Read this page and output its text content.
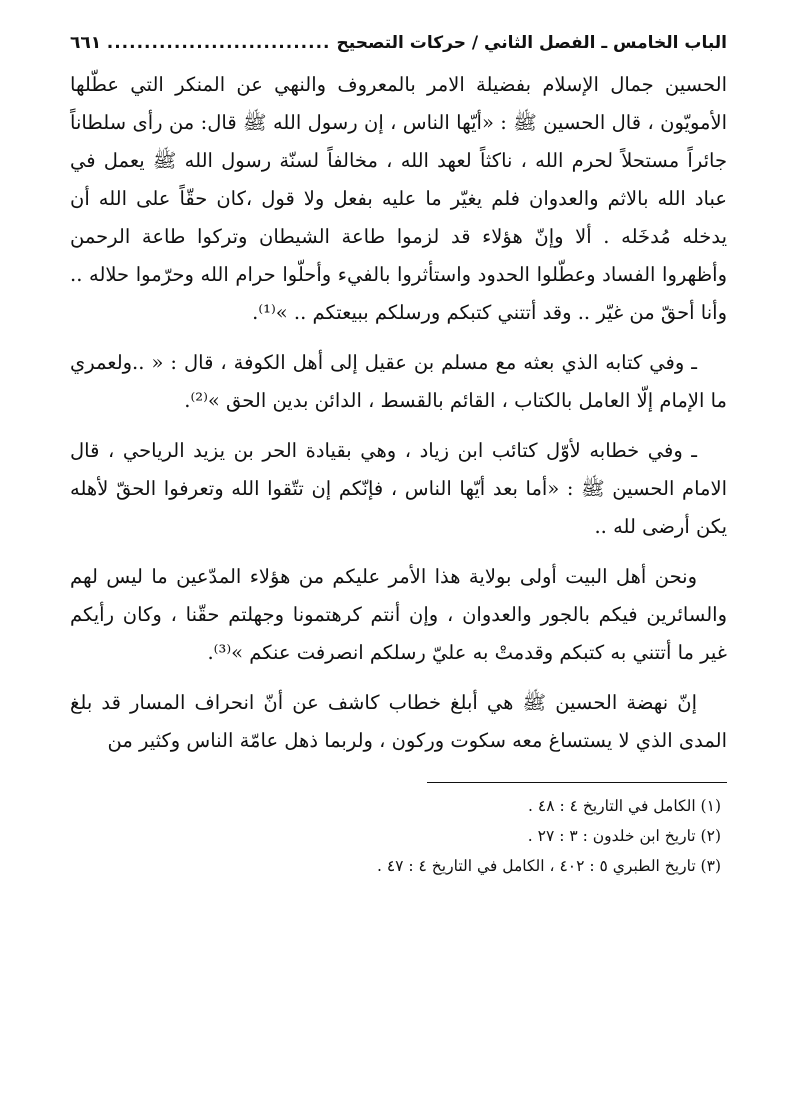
الباب الخامس ـ الفصل الثاني / حركات التصحيح
.....
٦٦١

الحسين جمال الإسلام بفضيلة الامر بالمعروف والنهي عن المنكر التي عطّلها الأمويّون ، قال الحسين ﷺ : «أيّها الناس ، إن رسول الله ﷺ قال: من رأى سلطاناً جائراً مستحلاً لحرم الله ، ناكثاً لعهد الله ، مخالفاً لسنّة رسول الله ﷺ يعمل في عباد الله بالاثم والعدوان فلم يغيّر ما عليه بفعل ولا قول ،كان حقّاً على الله أن يدخله مُدخَله . ألا وإنّ هؤلاء قد لزموا طاعة الشيطان وتركوا طاعة الرحمن وأظهروا الفساد وعطّلوا الحدود واستأثروا بالفيء وأحلّوا حرام الله وحرّموا حلاله .. وأنا أحقّ من غيّر .. وقد أتتني كتبكم ورسلكم ببيعتكم .. »⁽¹⁾.

ـ وفي كتابه الذي بعثه مع مسلم بن عقيل إلى أهل الكوفة ، قال : « ..ولعمري ما الإمام إلّا العامل بالكتاب ، القائم بالقسط ، الدائن بدين الحق »⁽²⁾.

ـ وفي خطابه لأوّل كتائب ابن زياد ، وهي بقيادة الحر بن يزيد الرياحي ، قال الامام الحسين ﷺ : «أما بعد أيّها الناس ، فإنّكم إن تتّقوا الله وتعرفوا الحقّ لأهله يكن أرضى لله ..

ونحن أهل البيت أولى بولاية هذا الأمر عليكم من هؤلاء المدّعين ما ليس لهم والسائرين فيكم بالجور والعدوان ، وإن أنتم كرهتمونا وجهلتم حقّنا ، وكان رأيكم غير ما أتتني به كتبكم وقدمتْ به عليّ رسلكم انصرفت عنكم »⁽³⁾.

إنّ نهضة الحسين ﷺ هي أبلغ خطاب كاشف عن أنّ انحراف المسار قد بلغ المدى الذي لا يستساغ معه سكوت وركون ، ولربما ذهل عامّة الناس وكثير من

(١) الكامل في التاريخ ٤ : ٤٨ .

(٢) تاريخ ابن خلدون : ٣ : ٢٧ .

(٣) تاريخ الطبري ٥ : ٤٠٢ ، الكامل في التاريخ ٤ : ٤٧ .
